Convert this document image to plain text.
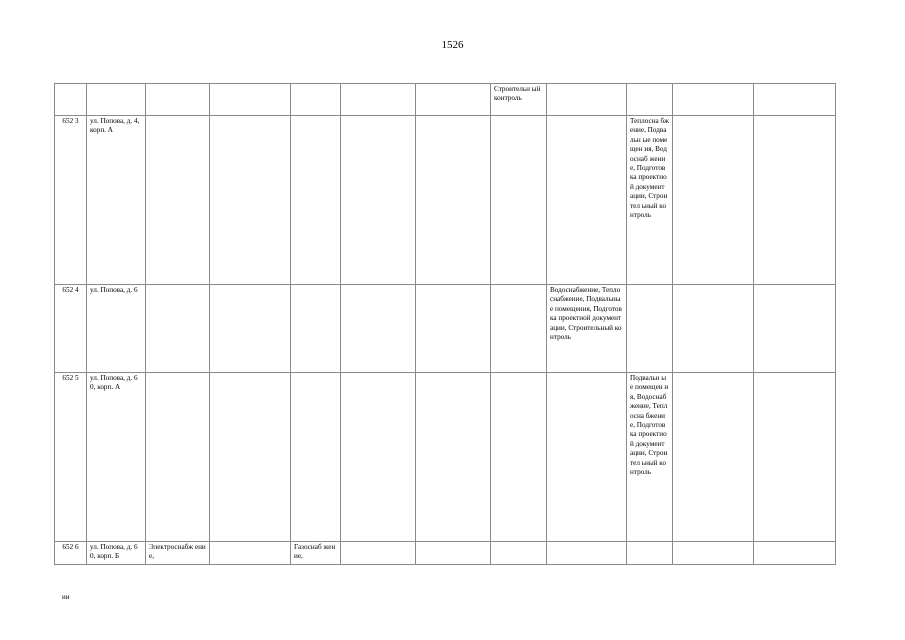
1526
							Строительн ый контроль				
652 3	ул. Попова, д. 4, корп. А								Теплосна бжение, Подвальн ые помещен ия, Водоснаб жение, Подготов ка проектно й документ ации, Строител ьный контроль		
652 4	ул. Попова, д. 6							Водоснабжение, Теплоснабжение, Подвальные помещения, Подготовка проектной документации, Строительный контроль			
652 5	ул. Попова, д. 60, корп. А								Подвальн ые помещен ия, Водоснаб жение, Теплосна бжение, Подготов ка проектно й документ ации, Строител ьный контроль		
652 6	ул. Попова, д. 60, корп. Б	Электроснабж ение,		Газоснаб жение,							
ии
